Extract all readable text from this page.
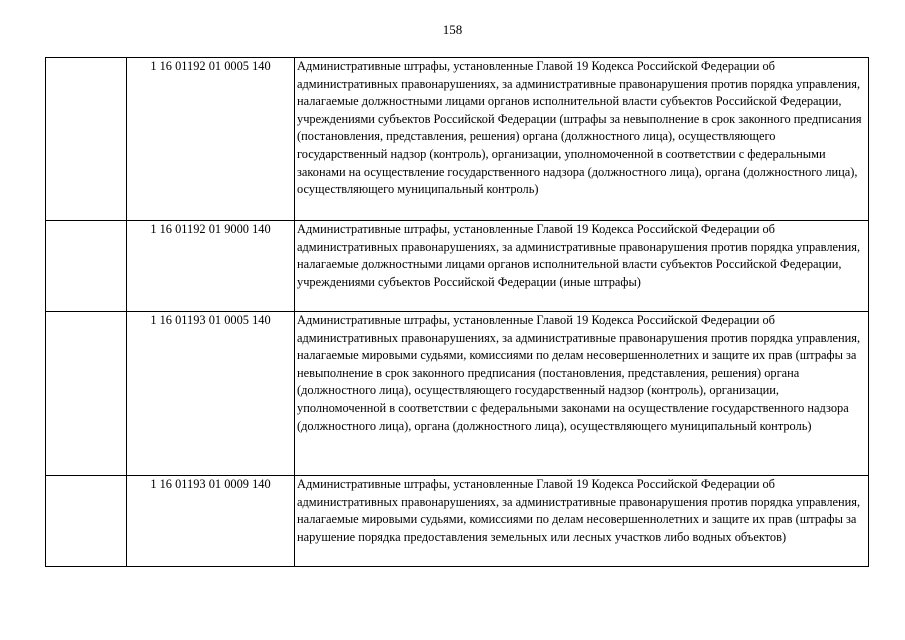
158
	1 16 01192 01 0005 140	Административные штрафы, установленные Главой 19 Кодекса Российской Федерации об административных правонарушениях, за административные правонарушения против порядка управления, налагаемые должностными лицами органов исполнительной власти субъектов Российской Федерации, учреждениями субъектов Российской Федерации (штрафы за невыполнение в срок законного предписания (постановления, представления, решения) органа (должностного лица), осуществляющего государственный надзор (контроль), организации, уполномоченной в соответствии с федеральными законами на осуществление государственного надзора (должностного лица), органа (должностного лица), осуществляющего муниципальный контроль)
	1 16 01192 01 9000 140	Административные штрафы, установленные Главой 19 Кодекса Российской Федерации об административных правонарушениях, за административные правонарушения против порядка управления, налагаемые должностными лицами органов исполнительной власти субъектов Российской Федерации, учреждениями субъектов Российской Федерации (иные штрафы)
	1 16 01193 01 0005 140	Административные штрафы, установленные Главой 19 Кодекса Российской Федерации об административных правонарушениях, за административные правонарушения против порядка управления, налагаемые мировыми судьями, комиссиями по делам несовершеннолетних и защите их прав (штрафы за невыполнение в срок законного предписания (постановления, представления, решения) органа (должностного лица), осуществляющего государственный надзор (контроль), организации, уполномоченной в соответствии с федеральными законами на осуществление государственного надзора (должностного лица), органа (должностного лица), осуществляющего муниципальный контроль)
	1 16 01193 01 0009 140	Административные штрафы, установленные Главой 19 Кодекса Российской Федерации об административных правонарушениях, за административные правонарушения против порядка управления, налагаемые мировыми судьями, комиссиями по делам несовершеннолетних и защите их прав (штрафы за нарушение порядка предоставления земельных или лесных участков либо водных объектов)
